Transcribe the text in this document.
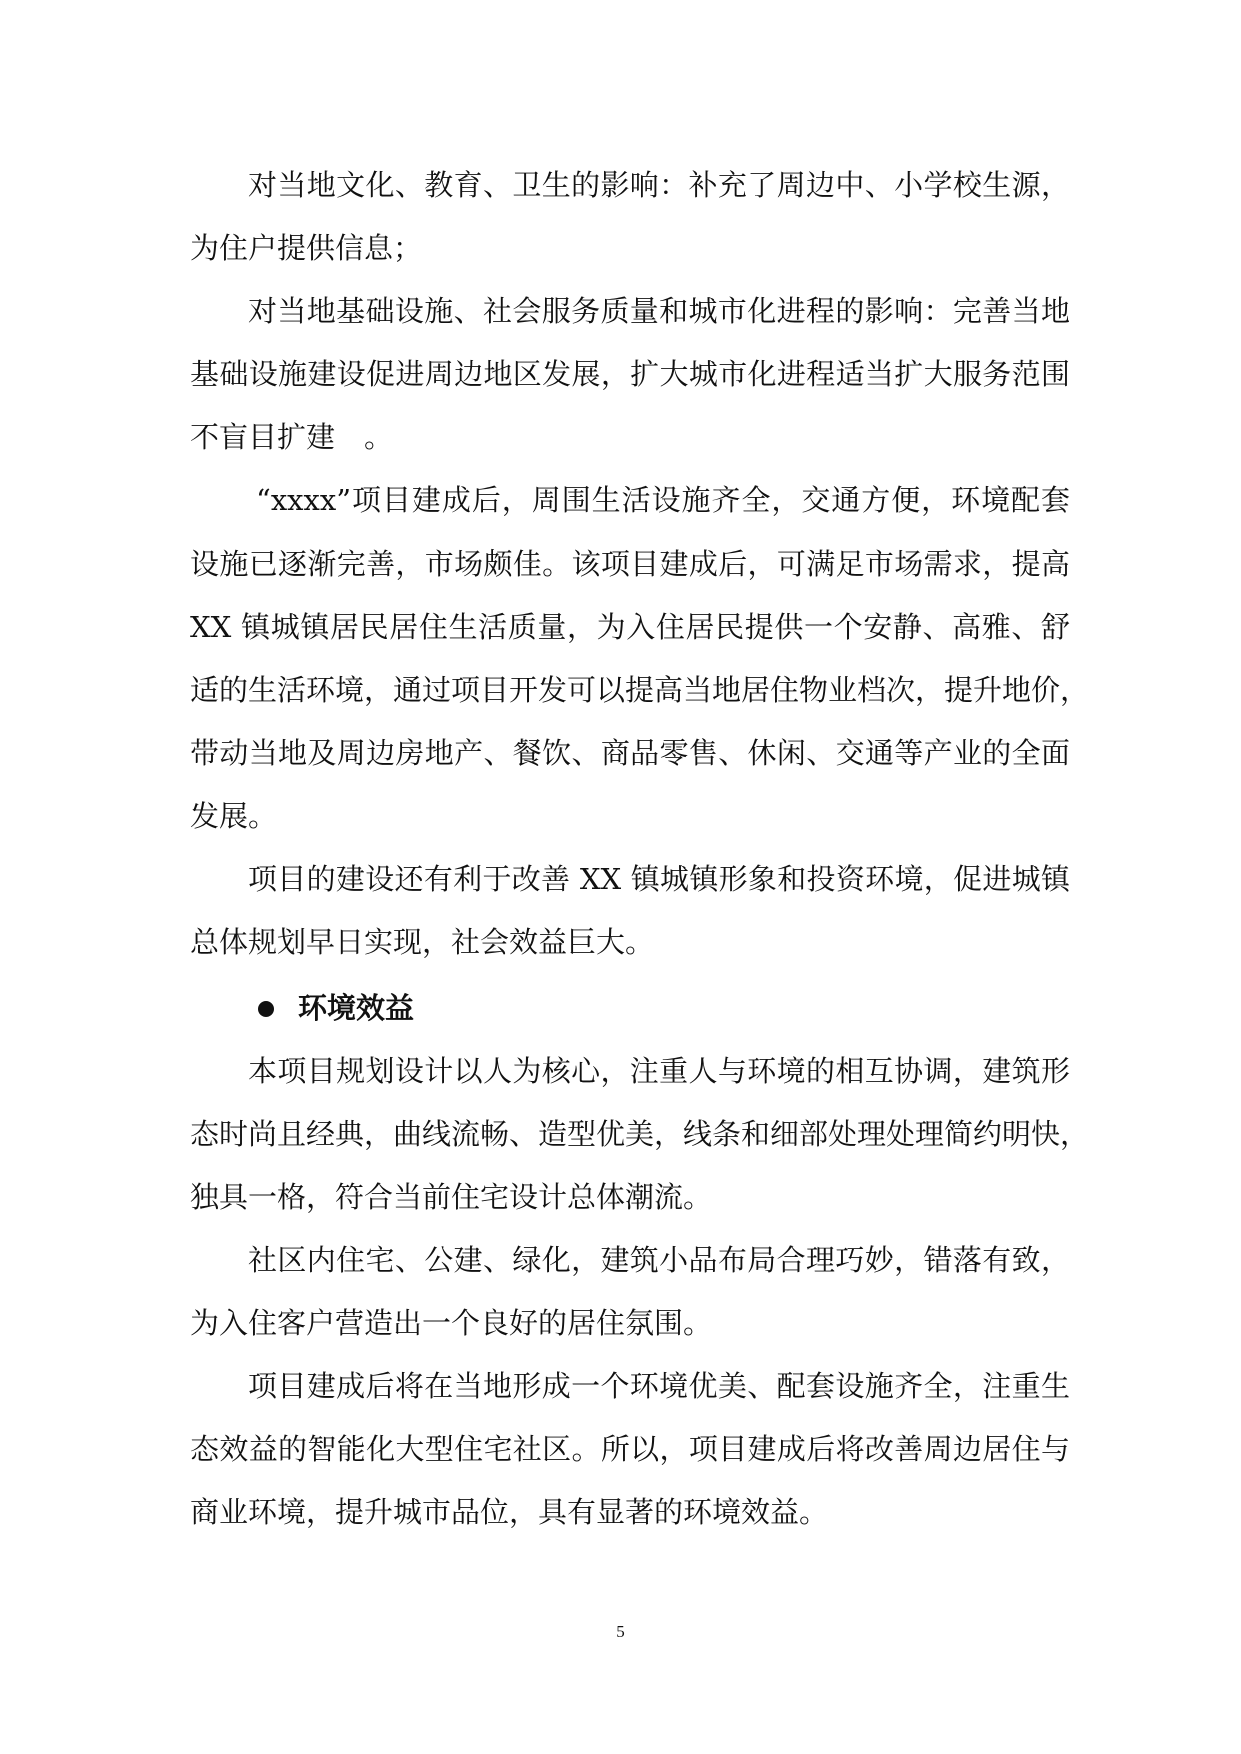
对当地文化、教育、卫生的影响：补充了周边中、小学校生源，
为住户提供信息；
对当地基础设施、社会服务质量和城市化进程的影响：完善当地
基础设施建设促进周边地区发展，扩大城市化进程适当扩大服务范围
不盲目扩建　。
“xxxx”项目建成后，周围生活设施齐全，交通方便，环境配套
设施已逐渐完善，市场颇佳。该项目建成后，可满足市场需求，提高
XX 镇城镇居民居住生活质量，为入住居民提供一个安静、高雅、舒
适的生活环境，通过项目开发可以提高当地居住物业档次，提升地价，
带动当地及周边房地产、餐饮、商品零售、休闲、交通等产业的全面
发展。
项目的建设还有利于改善 XX 镇城镇形象和投资环境，促进城镇
总体规划早日实现，社会效益巨大。
环境效益
本项目规划设计以人为核心，注重人与环境的相互协调，建筑形
态时尚且经典，曲线流畅、造型优美，线条和细部处理处理简约明快，
独具一格，符合当前住宅设计总体潮流。
社区内住宅、公建、绿化，建筑小品布局合理巧妙，错落有致，
为入住客户营造出一个良好的居住氛围。
项目建成后将在当地形成一个环境优美、配套设施齐全，注重生
态效益的智能化大型住宅社区。所以，项目建成后将改善周边居住与
商业环境，提升城市品位，具有显著的环境效益。
5
